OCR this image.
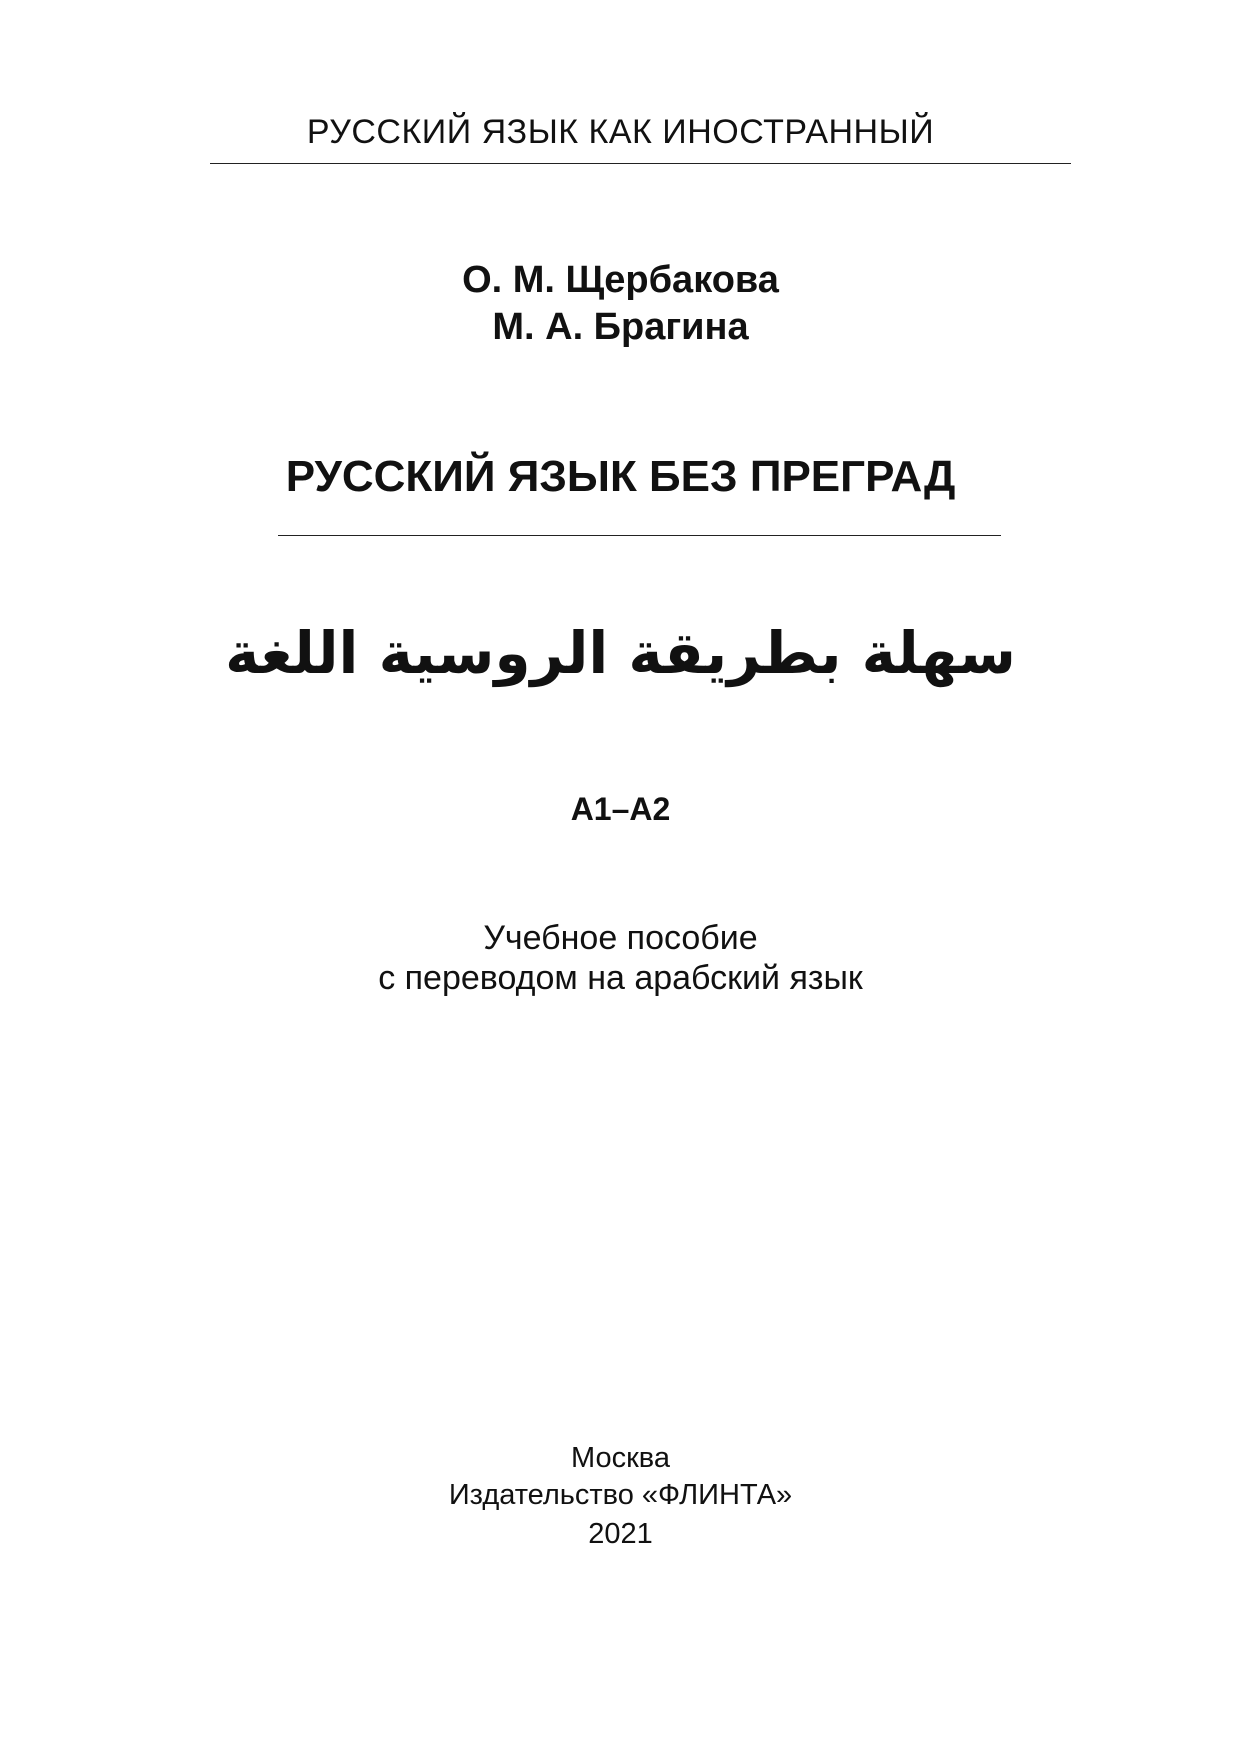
РУССКИЙ ЯЗЫК КАК ИНОСТРАННЫЙ
О. М. Щербакова
М. А. Брагина
РУССКИЙ ЯЗЫК БЕЗ ПРЕГРАД
سهلة بطريقة الروسية اللغة
А1–А2
Учебное пособие
с переводом на арабский язык
Москва
Издательство «ФЛИНТА»
2021
